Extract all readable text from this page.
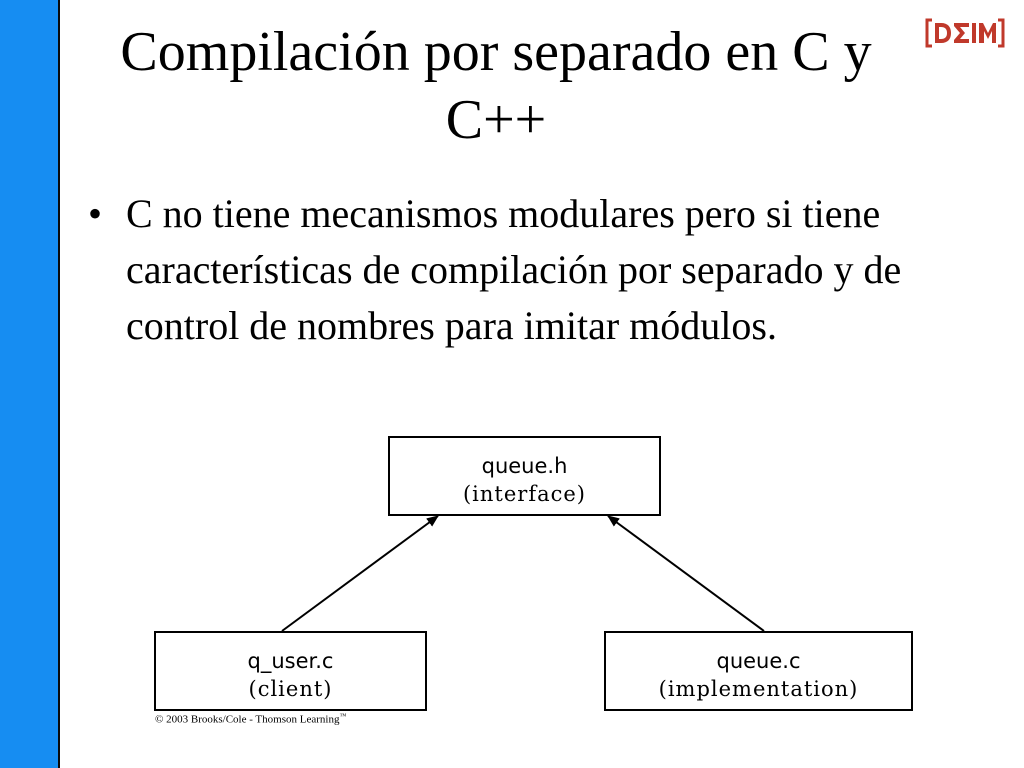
[D∑IM]
Compilación por separado en C y C++
• C no tiene mecanismos modulares pero si tiene características de compilación por separado y de control de nombres para imitar módulos.
queue.h
(interface)
q_user.c
(client)
queue.c
(implementation)
© 2003 Brooks/Cole - Thomson Learning™
